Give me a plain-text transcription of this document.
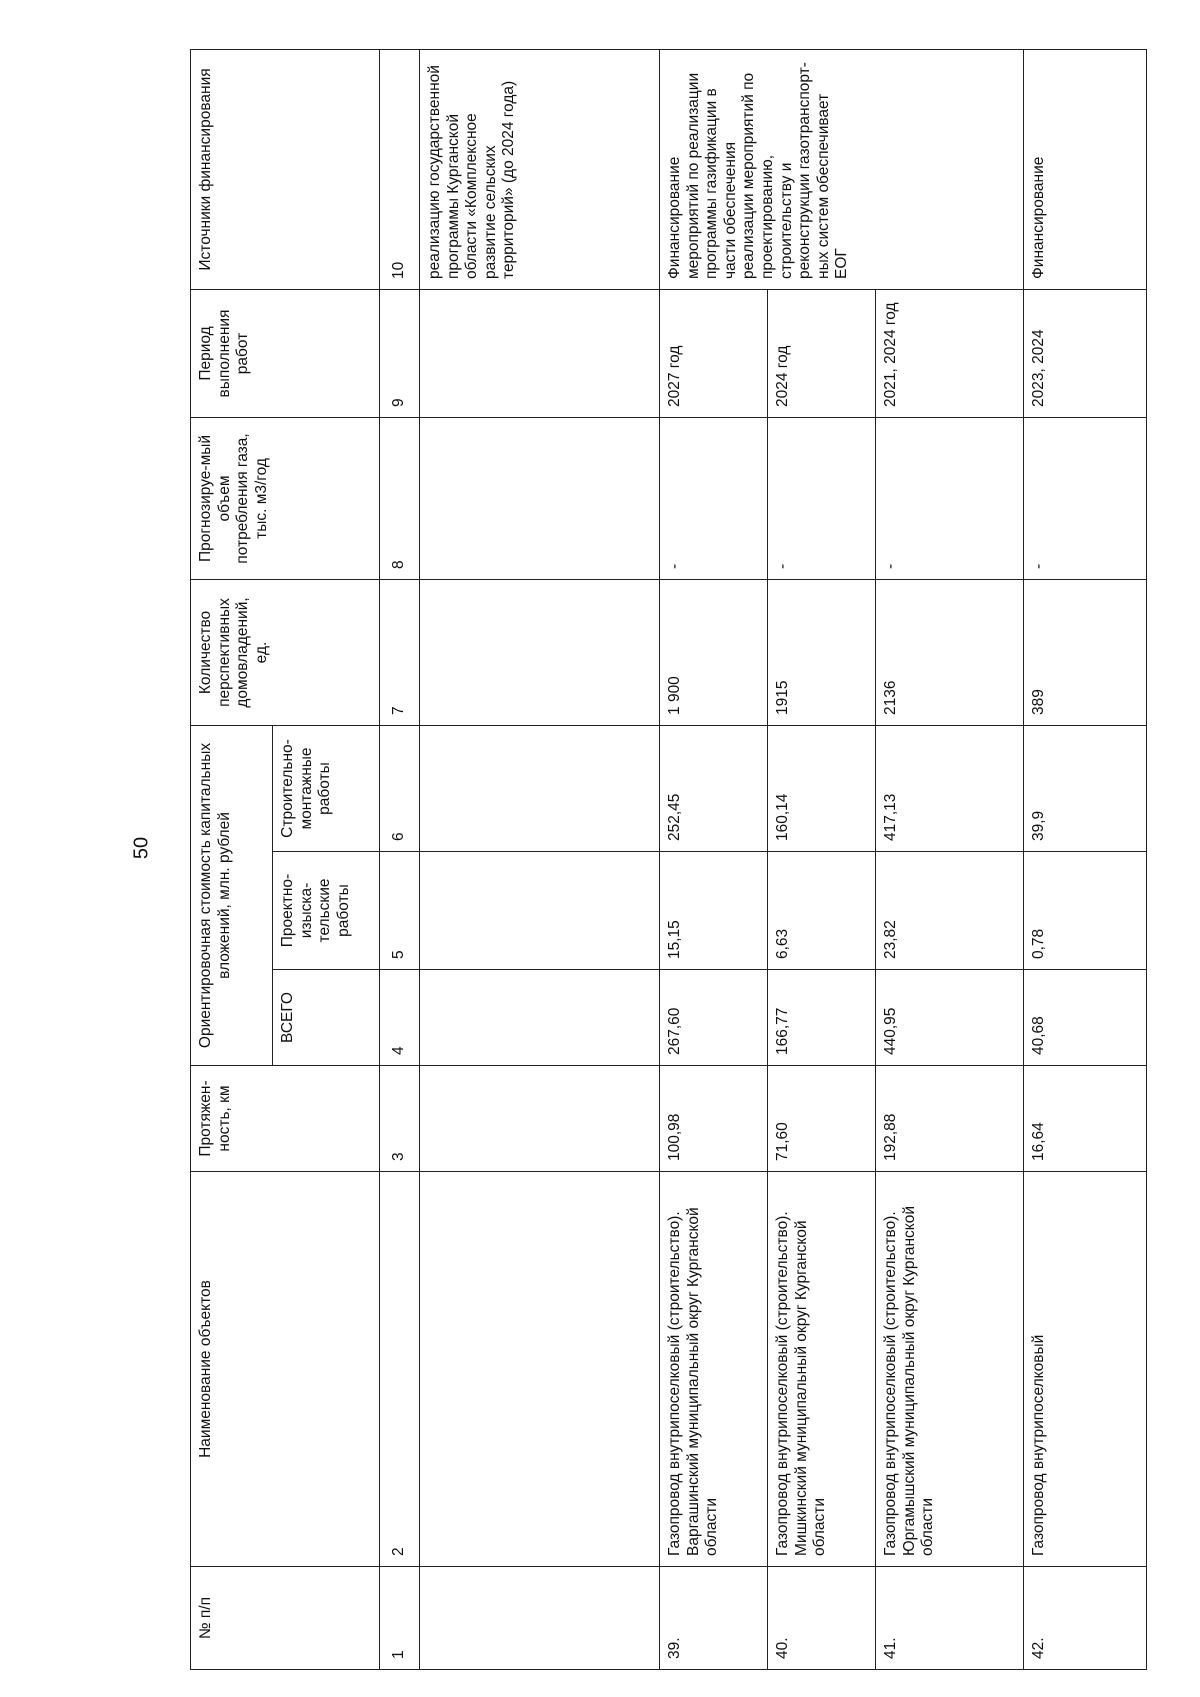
50
№ п/п	Наименование объектов	Протяжен-ность, км	Ориентировочная стоимость капитальных вложений, млн. рублей			Количество перспективных домовладений, ед.	Прогнозируе-мый объем потребления газа, тыс. м3/год	Период выполнения работ	Источники финансирования
			ВСЕГО	Проектно-изыска-тельские работы	Строительно-монтажные работы				
1	2	3	4	5	6	7	8	9	10
									реализацию государственной программы Курганской области «Комплексное развитие сельских территорий» (до 2024 года)
39.	Газопровод внутрипоселковый (строительство). Варгашинский муниципальный округ Курганской области	100,98	267,60	15,15	252,45	1 900	-	2027 год	Финансирование мероприятий по реализации программы газификации в части обеспечения реализации мероприятий по проектированию, строительству и реконструкции газотранспорт-ных систем обеспечивает ЕОГ
40.	Газопровод внутрипоселковый (строительство). Мишкинский муниципальный округ Курганской области	71,60	166,77	6,63	160,14	1915	-	2024 год	
41.	Газопровод внутрипоселковый (строительство). Юргамышский муниципальный округ Курганской области	192,88	440,95	23,82	417,13	2136	-	2021, 2024 год	
42.	Газопровод внутрипоселковый	16,64	40,68	0,78	39,9	389	-	2023, 2024	Финансирование
